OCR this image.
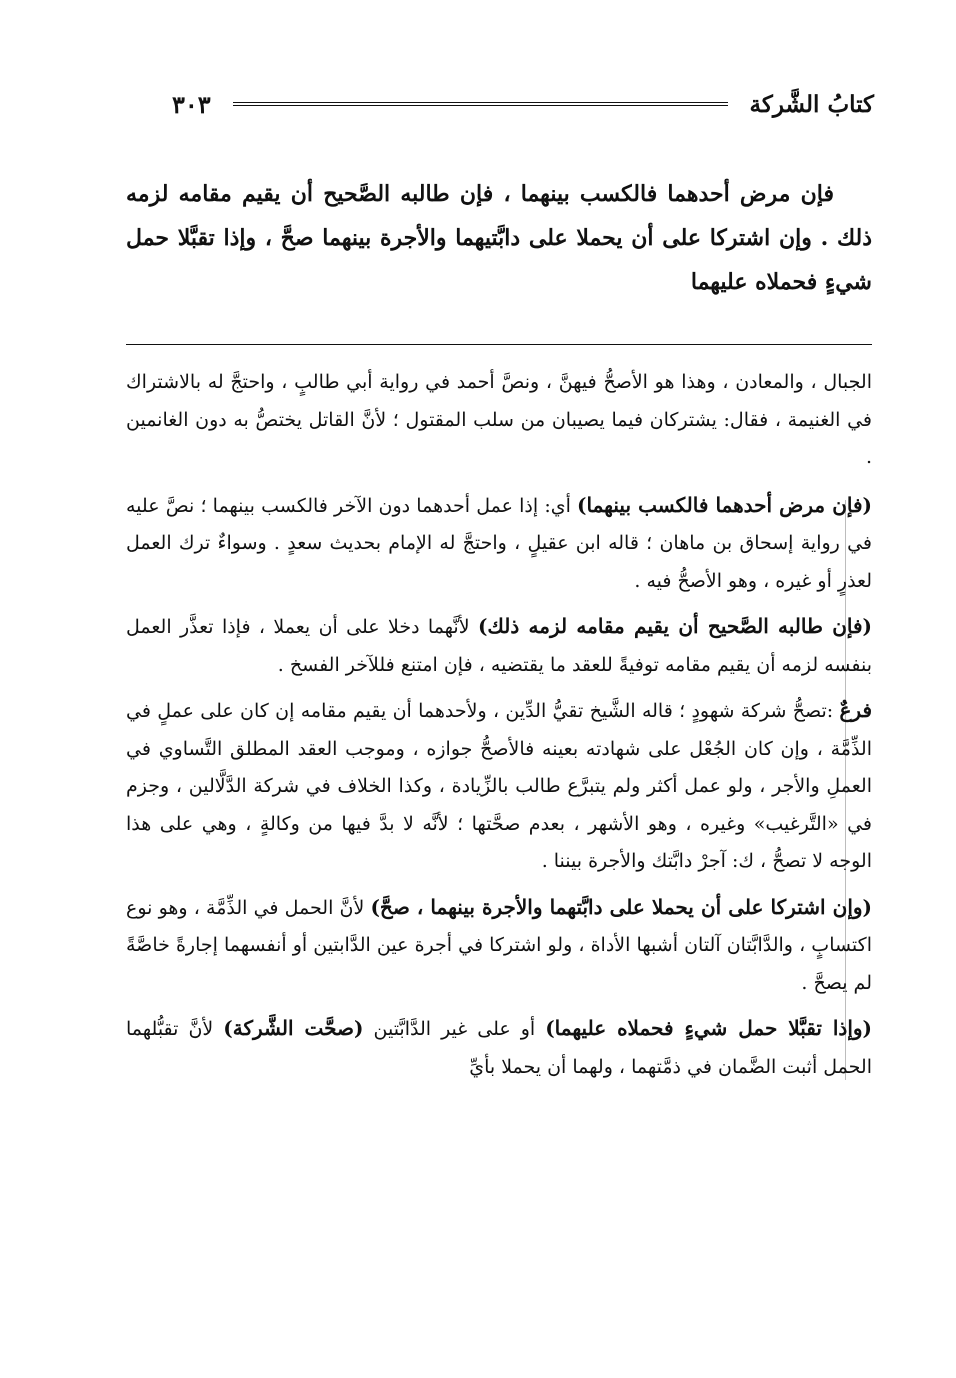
كتابُ الشَّركة
٣٠٣

فإن مرض أحدهما فالكسب بينهما ، فإن طالبه الصَّحيح أن يقيم مقامه لزمه ذلك . وإن اشتركا على أن يحملا على دابَّتيهما والأجرة بينهما صحَّ ، وإذا تقبَّلا حمل شيءٍ فحملاه عليهما

الجبال ، والمعادن ، وهذا هو الأصحُّ فيهنَّ ، ونصَّ أحمد في رواية أبي طالبٍ ، واحتجَّ له بالاشتراك في الغنيمة ، فقال: يشتركان فيما يصيبان من سلب المقتول ؛ لأنَّ القاتل يختصُّ به دون الغانمين .

(فإن مرض أحدهما فالكسب بينهما) أي: إذا عمل أحدهما دون الآخر فالكسب بينهما ؛ نصَّ عليه في رواية إسحاق بن ماهان ؛ قاله ابن عقيلٍ ، واحتجَّ له الإمام بحديث سعدٍ . وسواءٌ ترك العمل لعذرٍ أو غيره ، وهو الأصحُّ فيه .

(فإن طالبه الصَّحيح أن يقيم مقامه لزمه ذلك) لأنَّهما دخلا على أن يعملا ، فإذا تعذَّر العمل بنفسه لزمه أن يقيم مقامه توفيةً للعقد ما يقتضيه ، فإن امتنع فللآخر الفسخ .

فرعٌ :تصحُّ شركة شهودٍ ؛ قاله الشَّيخ تقيُّ الدِّين ، ولأحدهما أن يقيم مقامه إن كان على عملٍ في الذِّمَّة ، وإن كان الجُعْل على شهادته بعينه فالأصحُّ جوازه ، وموجب العقد المطلق التَّساوي في العملِ والأجر ، ولو عمل أكثر ولم يتبرَّع طالب بالزِّيادة ، وكذا الخلاف في شركة الدَّلَّالين ، وجزم في «التَّرغيب» وغيره ، وهو الأشهر ، بعدم صحَّتها ؛ لأنَّه لا بدَّ فيها من وكالةٍ ، وهي على هذا الوجه لا تصحُّ ، ك: آجرْ دابَّتك والأجرة بيننا .

(وإن اشتركا على أن يحملا على دابَّتهما والأجرة بينهما ، صحَّ) لأنَّ الحمل في الذِّمَّة ، وهو نوع اكتسابٍ ، والدَّابَّتان آلتان أشبها الأداة ، ولو اشتركا في أجرة عين الدَّابتين أو أنفسهما إجارةً خاصَّةً لم يصحَّ .

(وإذا تقبَّلا حمل شيءٍ فحملاه عليهما) أو على غير الدَّابَّتين (صحَّت الشَّركة) لأنَّ تقبُّلهما الحمل أثبت الضَّمان في ذمَّتهما ، ولهما أن يحملا بأيِّ
